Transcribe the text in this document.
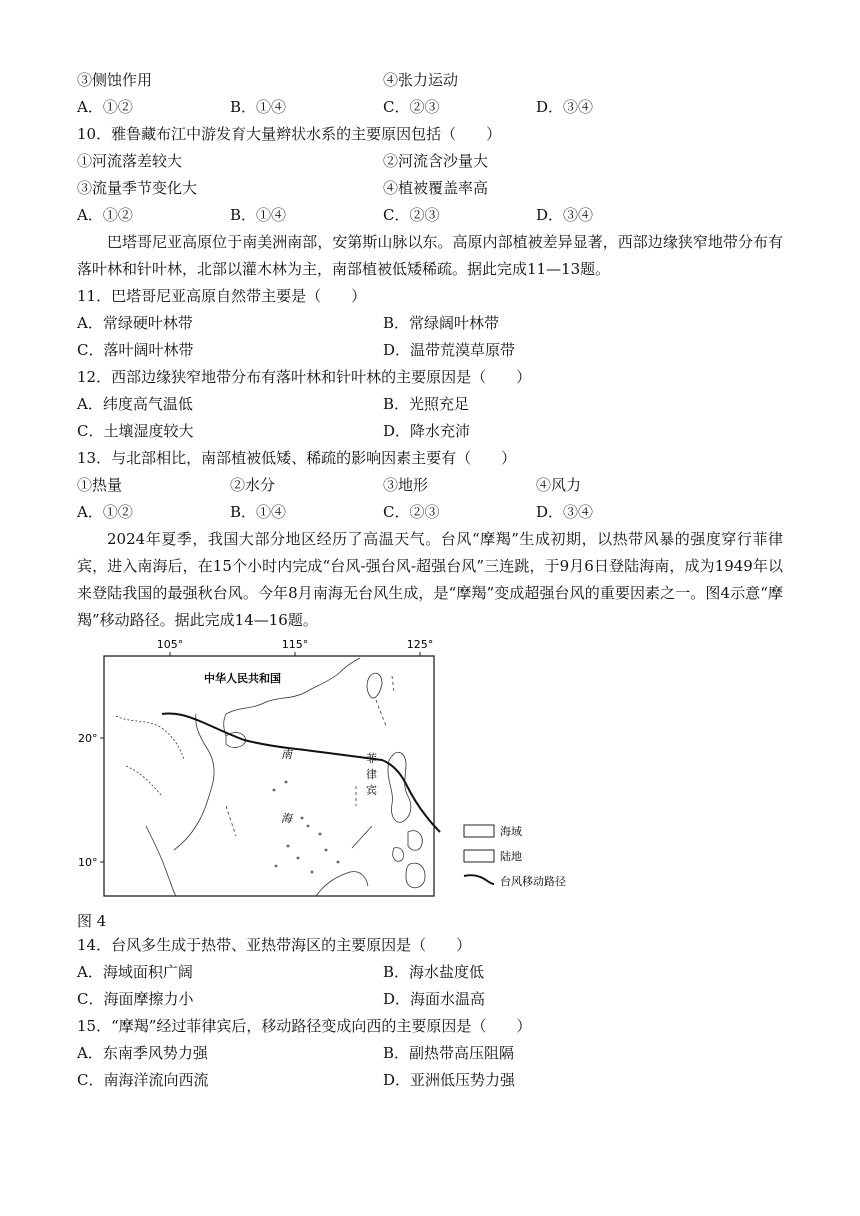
③侧蚀作用	④张力运动
A．①②	B．①④	C．②③	D．③④
10．雅鲁藏布江中游发育大量辫状水系的主要原因包括（　　）
①河流落差较大	②河流含沙量大
③流量季节变化大	④植被覆盖率高
A．①②	B．①④	C．②③	D．③④
巴塔哥尼亚高原位于南美洲南部，安第斯山脉以东。高原内部植被差异显著，西部边缘狭窄地带分布有落叶林和针叶林，北部以灌木林为主，南部植被低矮稀疏。据此完成11—13题。
11．巴塔哥尼亚高原自然带主要是（　　）
A．常绿硬叶林带	B．常绿阔叶林带
C．落叶阔叶林带	D．温带荒漠草原带
12．西部边缘狭窄地带分布有落叶林和针叶林的主要原因是（　　）
A．纬度高气温低	B．光照充足
C．土壤湿度较大	D．降水充沛
13．与北部相比，南部植被低矮、稀疏的影响因素主要有（　　）
①热量	②水分	③地形	④风力
A．①②	B．①④	C．②③	D．③④
2024年夏季，我国大部分地区经历了高温天气。台风“摩羯”生成初期，以热带风暴的强度穿行菲律宾，进入南海后，在15个小时内完成“台风-强台风-超强台风”三连跳，于9月6日登陆海南，成为1949年以来登陆我国的最强秋台风。今年8月南海无台风生成，是“摩羯”变成超强台风的重要因素之一。图4示意“摩羯”移动路径。据此完成14—16题。
105°	115°	125°
20°
10°
中华人民共和国
南
海
菲
律
宾
海域
陆地
台风移动路径
图 4
14．台风多生成于热带、亚热带海区的主要原因是（　　）
A．海域面积广阔	B．海水盐度低
C．海面摩擦力小	D．海面水温高
15．“摩羯”经过菲律宾后，移动路径变成向西的主要原因是（　　）
A．东南季风势力强	B．副热带高压阻隔
C．南海洋流向西流	D．亚洲低压势力强
